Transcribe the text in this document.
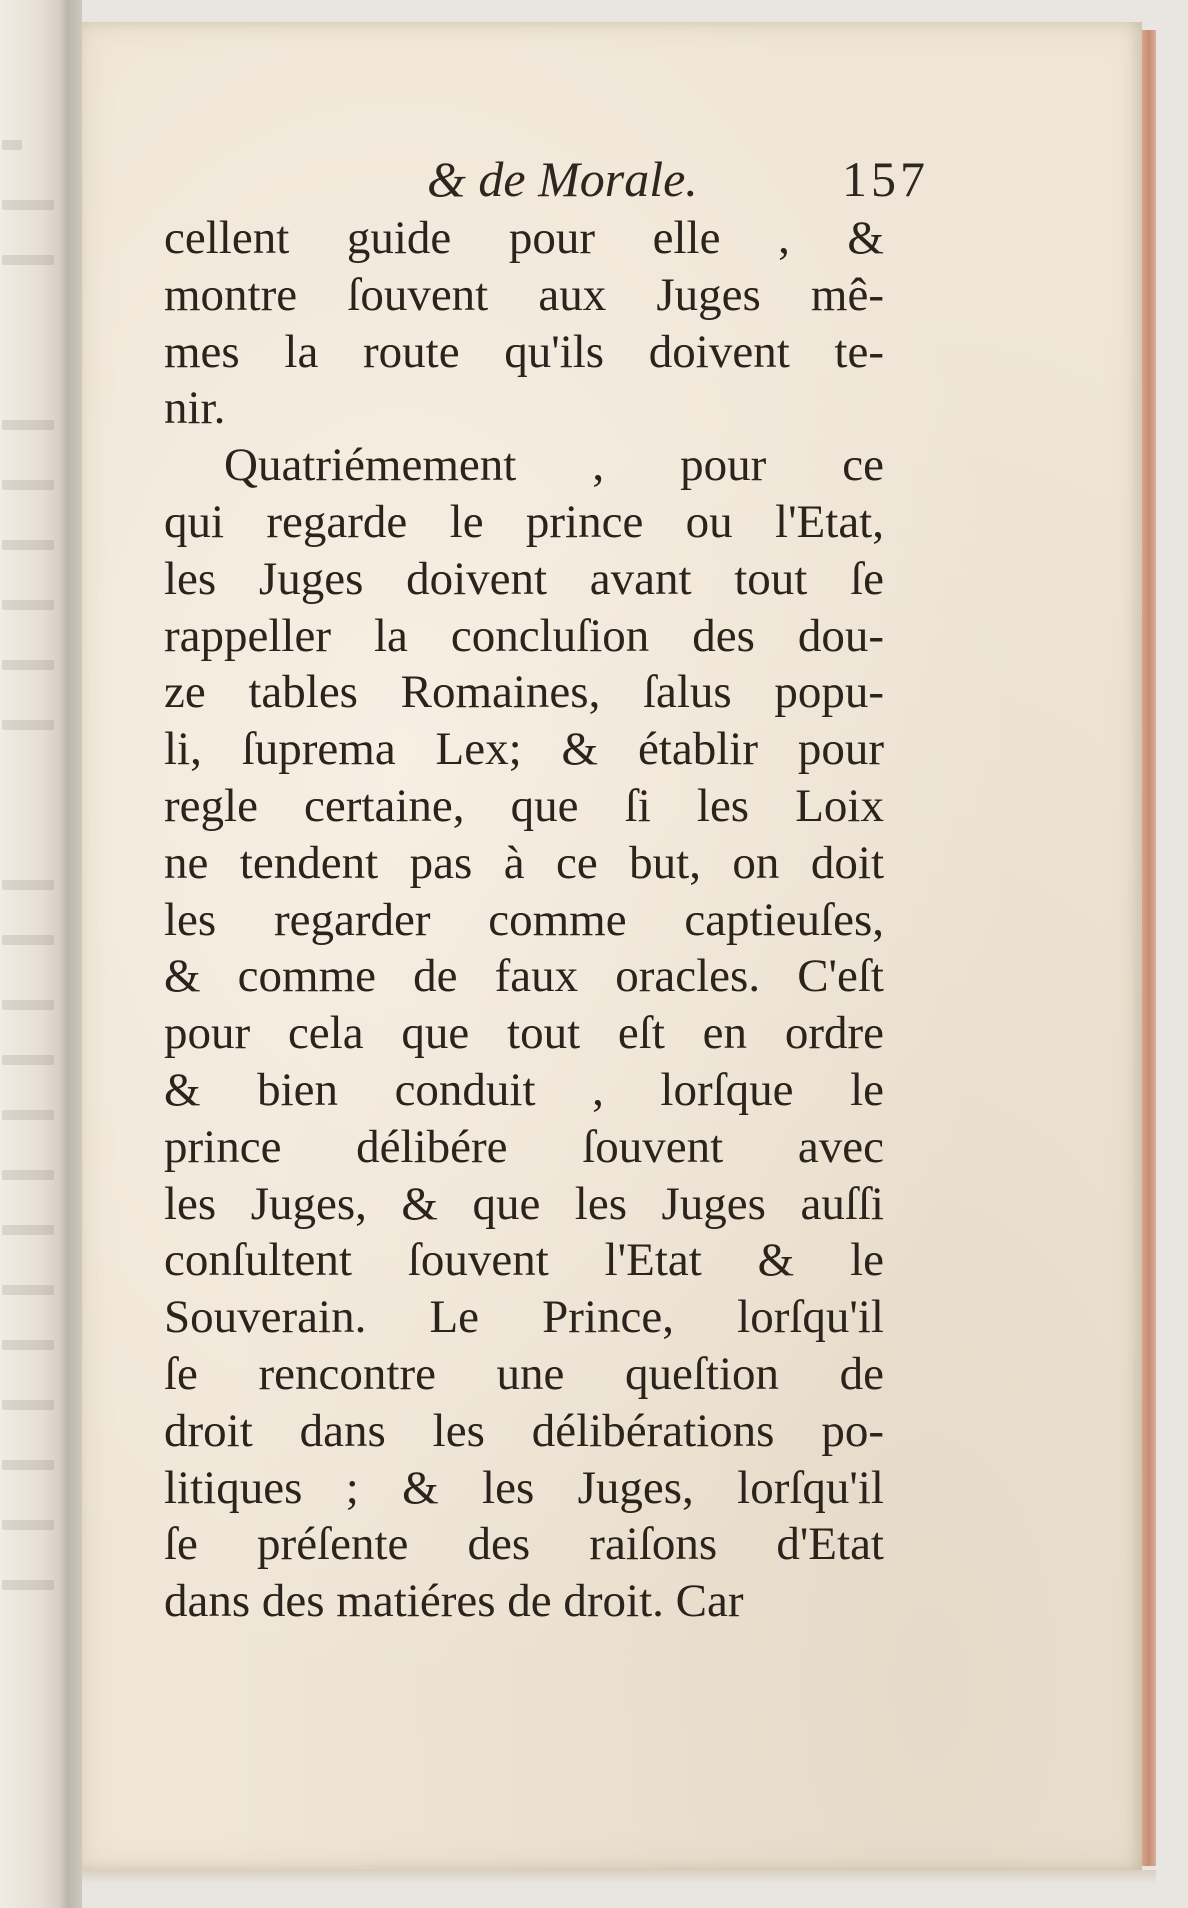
& de Morale.	157
cellent guide pour elle , &
montre ſouvent aux Juges mê-
mes la route qu'ils doivent te-
nir.
Quatriémement , pour ce
qui regarde le prince ou l'Etat,
les Juges doivent avant tout ſe
rappeller la concluſion des dou-
ze tables Romaines, ſalus popu-
li, ſuprema Lex; & établir pour
regle certaine, que ſi les Loix
ne tendent pas à ce but, on doit
les regarder comme captieuſes,
& comme de faux oracles. C'eſt
pour cela que tout eſt en ordre
& bien conduit , lorſque le
prince délibére ſouvent avec
les Juges, & que les Juges auſſi
conſultent ſouvent l'Etat & le
Souverain. Le Prince, lorſqu'il
ſe rencontre une queſtion de
droit dans les délibérations po-
litiques ; & les Juges, lorſqu'il
ſe préſente des raiſons d'Etat
dans des matiéres de droit. Car
